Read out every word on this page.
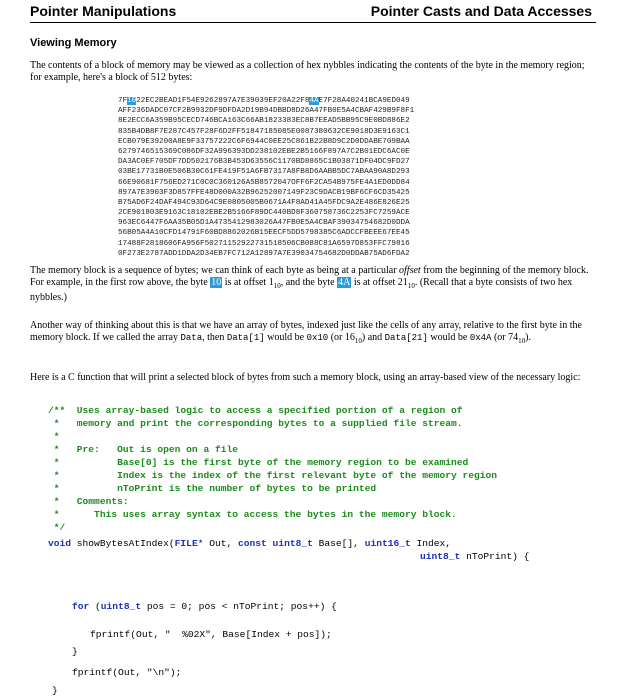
Pointer Manipulations	Pointer Casts and Data Accesses
Viewing Memory
The contents of a block of memory may be viewed as a collection of hex nybbles indicating the contents of the byte in the memory region; for example, here's a block of 512 bytes:
7F1022EC2BEAD1F54E9262897A7E39039EF20A22F84AE7F28A40241BCA9ED049
AFF236DADC07CF2B9932DF9DFDA2D19B94DBBD8D26A47FB0E5A4CBAF429B9F8F1
8E2ECC6A359B95CECD746BCA163C66AB1823383EC8B7EEAD5BB95C9E0BD886E2
835B4DB8F7E287C457F28F6D2FF51847185085E0087380632CE9018D3E9163C1
ECB079E39200A8E9F33757222C6F6944C0EE25C861B22B8D9C2D0DDABE709BAA
6279746515369C086DF32A996393DD238102EBE2B5166F897A7C2B01EDC6AC0E
DA3AC0EF705DF7DD502176B3B453D63556C1170BD8865C1B03871DF04DC9FD27
03BE17731B0E506B30C61FE419F51A6FB7317A8FB8D6AABB5DC7ABAA90A8D293
66E90681F756ED271C0C0C360126A5B8572047OFF6F2CA54B975FE4A1ED0DD84
897A7E3903F3D857FFE48D000A32B96252007149F23C9DACB19BF6CF6CD35425
B75AD6F24DAF494C93D64C9E0805005B0671A4F8AD41A45FDC9A2E486E826E25
2CE901803E9163C18102EBE2B5166F89DC440BD8F360758736C2253FC7259ACE
963EC6447F6AA35B05D1A4735412983026A47FB0E5A4CBAF39034754682D0DDA
56B05A4A10CFD14791F60BD8862026B15EECF5DD5798385C6ADCCFBEEE67EE45
17488F2818606FA956F50271152922731518506CB088C81A6597D853FFC79816
0F273E2787ADD1DDA2D34EB7FC712A12897A7E39034754682D0DDAB75AD6FDA2
The memory block is a sequence of bytes; we can think of each byte as being at a particular offset from the beginning of the memory block. For example, in the first row above, the byte 10 is at offset $1_{10}$, and the byte 4A is at offset $21_{10}$. (Recall that a byte consists of two hex nybbles.)
Another way of thinking about this is that we have an array of bytes, indexed just like the cells of any array, relative to the first byte in the memory block. If we called the array Data, then Data[1] would be 0x10 (or $16_{10}$) and Data[21] would be 0x4A (or $74_{10}$).
Here is a C function that will print a selected block of bytes from such a memory block, using an array-based view of the necessary logic:
/**  Uses array-based logic to access a specified portion of a region of
*   memory and print the corresponding bytes to a supplied file stream.
*
*   Pre:   Out is open on a file
*          Base[0] is the first byte of the memory region to be examined
*          Index is the index of the first relevant byte of the memory region
*          nToPrint is the number of bytes to be printed
*   Comments:
*      This uses array syntax to access the bytes in the memory block.
*/
void showBytesAtIndex(FILE* Out, const uint8_t Base[], uint16_t Index,
uint8_t nToPrint) {
for (uint8_t pos = 0; pos < nToPrint; pos++) {
fprintf(Out, "  %02X", Base[Index + pos]);
}
fprintf(Out, "\n");
}
